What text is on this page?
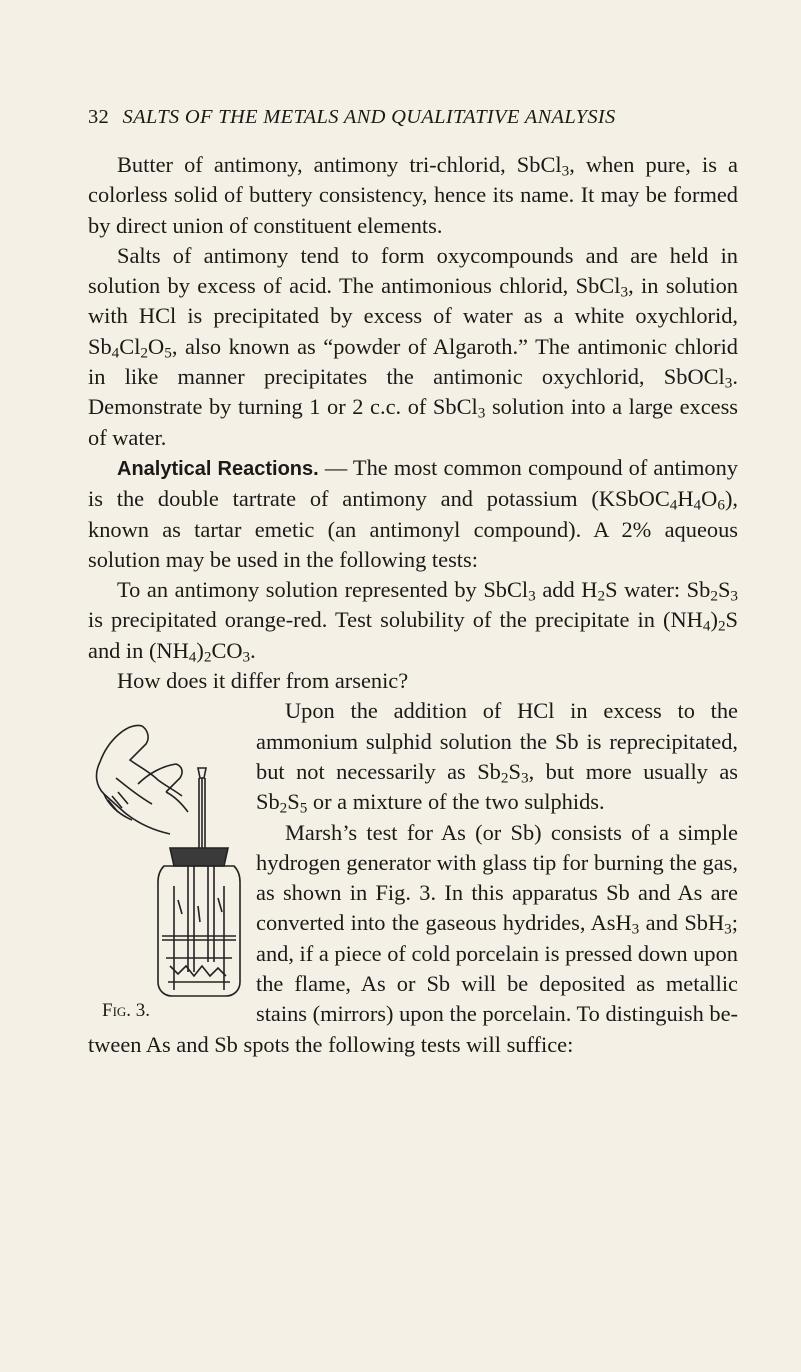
32 SALTS OF THE METALS AND QUALITATIVE ANALYSIS

Butter of antimony, antimony tri-chlorid, SbCl$_3$, when pure, is a colorless solid of buttery consistency, hence its name. It may be formed by direct union of constituent elements.

Salts of antimony tend to form oxycompounds and are held in solution by excess of acid. The antimonious chlorid, SbCl$_3$, in solution with HCl is precipitated by excess of water as a white oxychlorid, $Sb_4Cl_2O_5$, also known as “powder of Algaroth.” The antimonic chlorid in like manner precipitates the antimonic oxychlorid, SbOCl$_3$. Demonstrate by turning 1 or 2 c.c. of SbCl$_3$ solution into a large excess of water.

Analytical Reactions. — The most common compound of antimony is the double tartrate of antimony and potassium $(KSbOC_4H_4O_6)$, known as tartar emetic (an antimonyl compound). A 2% aqueous solution may be used in the following tests:

To an antimony solution represented by SbCl$_3$ add $H_2S$ water: $Sb_2S_3$ is precipitated orange-red. Test solubility of the precipitate in $(NH_4)_2S$ and in $(NH_4)_2CO_3$.

How does it differ from arsenic?

Fig. 3.

Upon the addition of HCl in excess to the ammonium sulphid solution the Sb is reprecipitated, but not necessarily as $Sb_2S_3$, but more usually as $Sb_2S_5$ or a mixture of the two sulphids.

Marsh’s test for As (or Sb) consists of a simple hydrogen generator with glass tip for burning the gas, as shown in Fig. 3. In this apparatus Sb and As are converted into the gaseous hydrides, AsH$_3$ and SbH$_3$; and, if a piece of cold porcelain is pressed down upon the flame, As or Sb will be deposited as metallic stains (mirrors) upon the porcelain. To distinguish between As and Sb spots the following tests will suffice:
